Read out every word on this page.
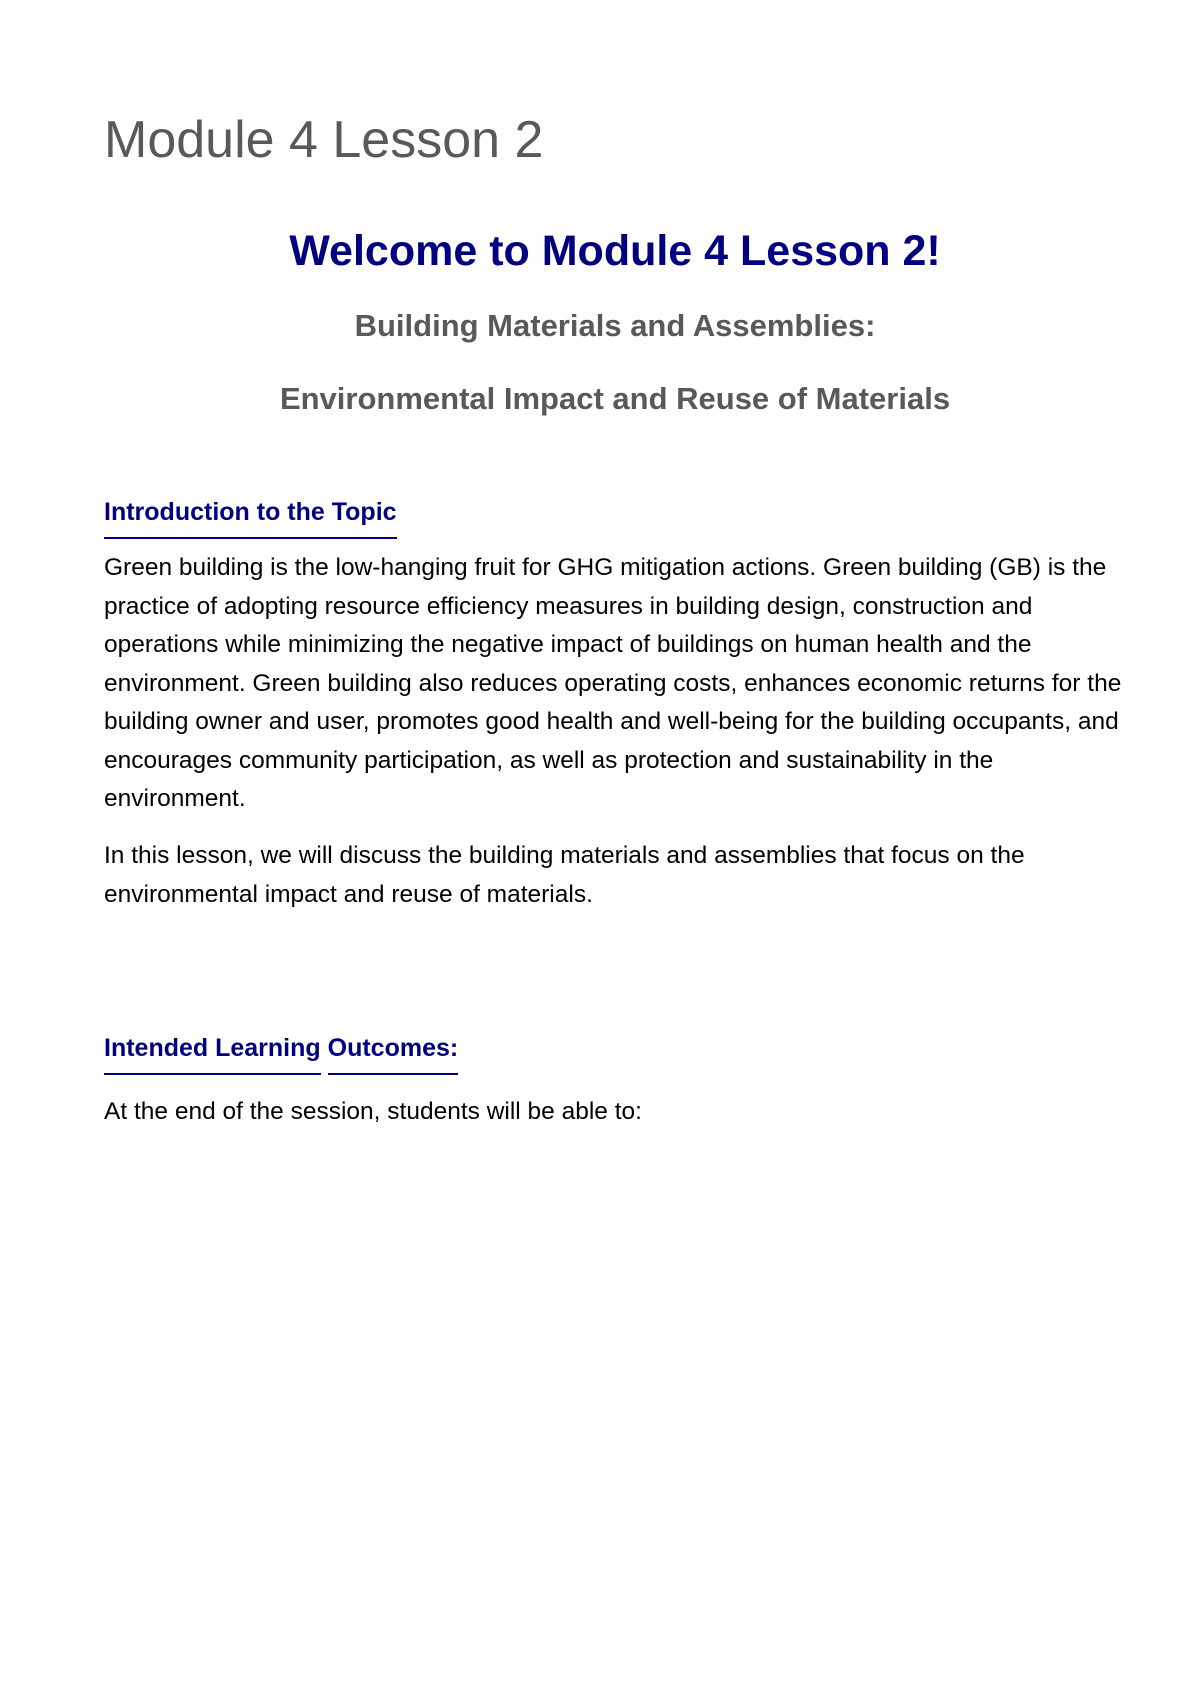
Module 4 Lesson 2
Welcome to Module 4 Lesson 2!

Building Materials and Assemblies:

Environmental Impact and Reuse of Materials

Introduction to the Topic

Green building is the low-hanging fruit for GHG mitigation actions. Green building (GB) is the practice of adopting resource efficiency measures in building design, construction and operations while minimizing the negative impact of buildings on human health and the environment. Green building also reduces operating costs, enhances economic returns for the building owner and user, promotes good health and well-being for the building occupants, and encourages community participation, as well as protection and sustainability in the environment.

In this lesson, we will discuss the building materials and assemblies that focus on the environmental impact and reuse of materials.

Intended Learning Outcomes:

At the end of the session, students will be able to:
